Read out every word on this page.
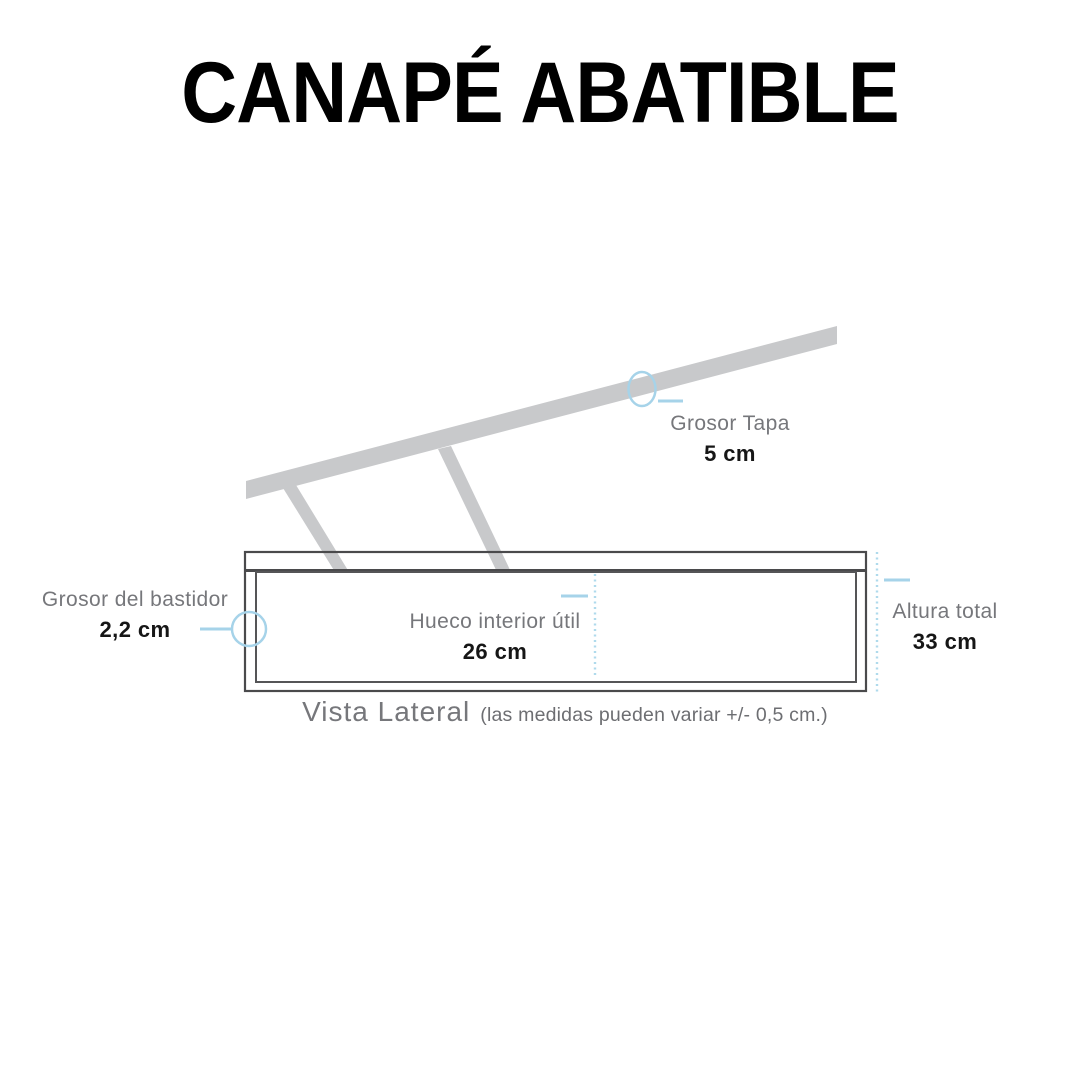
CANAPÉ ABATIBLE
Grosor Tapa
5 cm
Grosor del bastidor
2,2 cm	Hueco interior útil
26 cm
Altura total
33 cm
Vista Lateral (las medidas pueden variar +/- 0,5 cm.)
